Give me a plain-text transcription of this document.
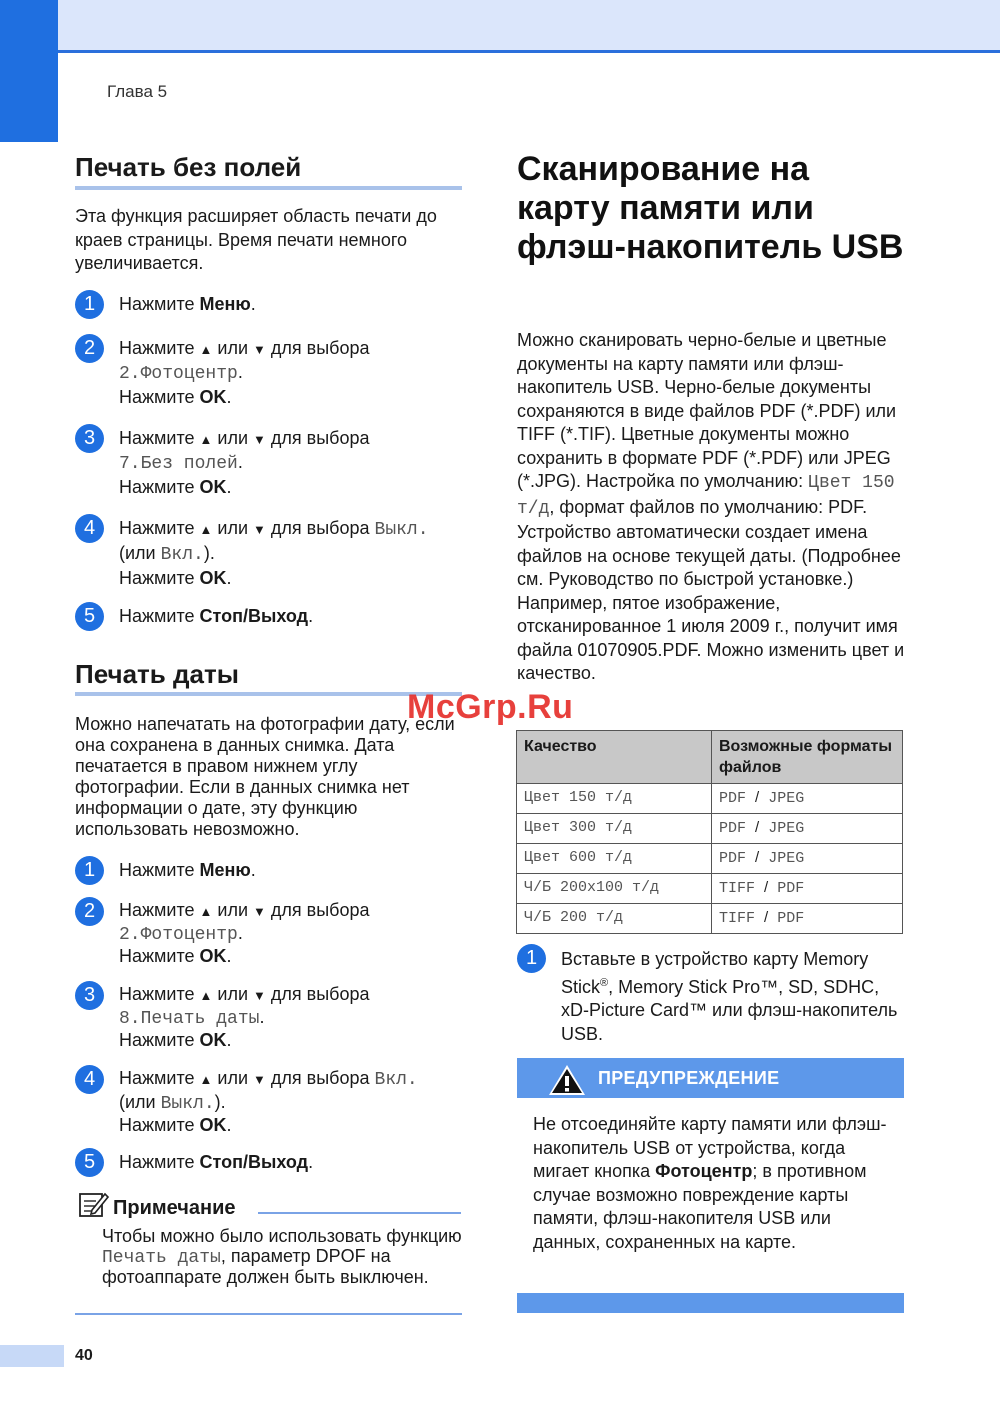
Глава 5
Печать без полей
Эта функция расширяет область печати до краев страницы. Время печати немного увеличивается.
1	Нажмите Меню.
2	Нажмите ▲ или ▼ для выбора
2.Фотоцентр.
Нажмите OK.
3	Нажмите ▲ или ▼ для выбора
7.Без полей.
Нажмите OK.
4	Нажмите ▲ или ▼ для выбора Выкл.
(или Вкл.).
Нажмите OK.
5	Нажмите Стоп/Выход.
Печать даты
Можно напечатать на фотографии дату, если она сохранена в данных снимка. Дата печатается в правом нижнем углу фотографии. Если в данных снимка нет информации о дате, эту функцию использовать невозможно.
1	Нажмите Меню.
2	Нажмите ▲ или ▼ для выбора
2.Фотоцентр.
Нажмите OK.
3	Нажмите ▲ или ▼ для выбора
8.Печать даты.
Нажмите OK.
4	Нажмите ▲ или ▼ для выбора Вкл.
(или Выкл.).
Нажмите OK.
5	Нажмите Стоп/Выход.
Примечание
Чтобы можно было использовать функцию Печать даты, параметр DPOF на фотоаппарате должен быть выключен.
Сканирование на карту памяти или флэш-накопитель USB
Можно сканировать черно-белые и цветные документы на карту памяти или флэш-накопитель USB. Черно-белые документы сохраняются в виде файлов PDF (*.PDF) или TIFF (*.TIF). Цветные документы можно сохранить в формате PDF (*.PDF) или JPEG (*.JPG). Настройка по умолчанию: Цвет 150 т/д, формат файлов по умолчанию: PDF. Устройство автоматически создает имена файлов на основе текущей даты. (Подробнее см. Руководство по быстрой установке.) Например, пятое изображение, отсканированное 1 июля 2009 г., получит имя файла 01070905.PDF. Можно изменить цвет и качество.
Качество	Возможные форматы файлов
Цвет 150 т/д	PDF / JPEG
Цвет 300 т/д	PDF / JPEG
Цвет 600 т/д	PDF / JPEG
Ч/Б 200x100 т/д	TIFF / PDF
Ч/Б 200 т/д	TIFF / PDF
1	Вставьте в устройство карту Memory Stick®, Memory Stick Pro™, SD, SDHC, xD-Picture Card™ или флэш-накопитель USB.
ПРЕДУПРЕЖДЕНИЕ
Не отсоединяйте карту памяти или флэш-накопитель USB от устройства, когда мигает кнопка Фотоцентр; в противном случае возможно повреждение карты памяти, флэш-накопителя USB или данных, сохраненных на карте.
40
McGrp.Ru
